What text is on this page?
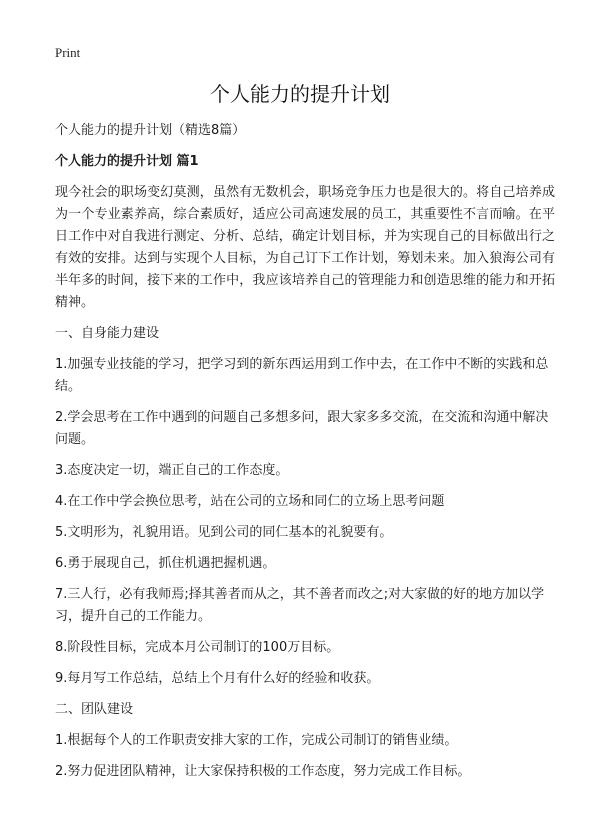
Print
个人能力的提升计划

个人能力的提升计划（精选8篇）

个人能力的提升计划 篇1

现今社会的职场变幻莫测，虽然有无数机会，职场竞争压力也是很大的。将自己培养成为一个专业素养高，综合素质好，适应公司高速发展的员工，其重要性不言而喻。在平日工作中对自我进行测定、分析、总结，确定计划目标，并为实现自己的目标做出行之有效的安排。达到与实现个人目标，为自己订下工作计划，筹划未来。加入狼海公司有半年多的时间，接下来的工作中，我应该培养自己的管理能力和创造思维的能力和开拓精神。

一、自身能力建设

1.加强专业技能的学习，把学习到的新东西运用到工作中去，在工作中不断的实践和总结。

2.学会思考在工作中遇到的问题自己多想多问，跟大家多多交流，在交流和沟通中解决问题。

3.态度决定一切，端正自己的工作态度。

4.在工作中学会换位思考，站在公司的立场和同仁的立场上思考问题

5.文明形为，礼貌用语。见到公司的同仁基本的礼貌要有。

6.勇于展现自己，抓住机遇把握机遇。

7.三人行，必有我师焉;择其善者而从之，其不善者而改之;对大家做的好的地方加以学习，提升自己的工作能力。

8.阶段性目标，完成本月公司制订的100万目标。

9.每月写工作总结，总结上个月有什么好的经验和收获。

二、团队建设

1.根据每个人的工作职责安排大家的工作，完成公司制订的销售业绩。

2.努力促进团队精神，让大家保持积极的工作态度，努力完成工作目标。
